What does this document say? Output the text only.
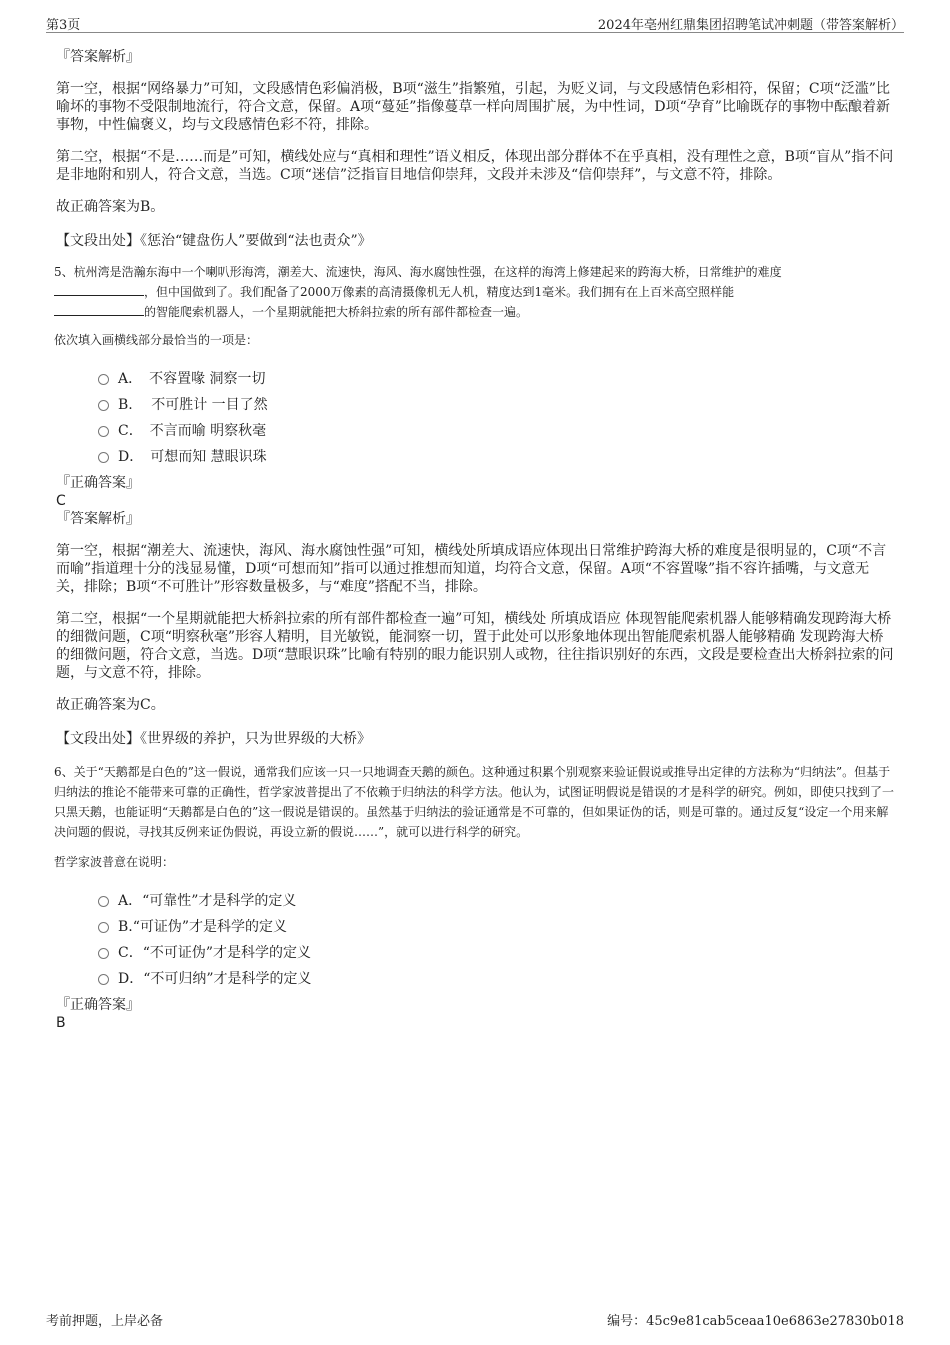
第3页	2024年亳州红鼎集团招聘笔试冲刺题（带答案解析）

『答案解析』

第一空，根据“网络暴力”可知，文段感情色彩偏消极，B项“滋生”指繁殖，引起，为贬义词，与文段感情色彩相符，保留；C项“泛滥”比喻坏的事物不受限制地流行，符合文意，保留。A项“蔓延”指像蔓草一样向周围扩展，为中性词，D项“孕育”比喻既存的事物中酝酿着新事物，中性偏褒义，均与文段感情色彩不符，排除。

第二空，根据“不是……而是”可知，横线处应与“真相和理性”语义相反，体现出部分群体不在乎真相，没有理性之意，B项“盲从”指不问是非地附和别人，符合文意，当选。C项“迷信”泛指盲目地信仰崇拜，文段并未涉及“信仰崇拜”，与文意不符，排除。

故正确答案为B。

【文段出处】《惩治“键盘伤人”要做到“法也责众”》

5、杭州湾是浩瀚东海中一个喇叭形海湾，潮差大、流速快，海风、海水腐蚀性强，在这样的海湾上修建起来的跨海大桥，日常维护的难度
，但中国做到了。我们配备了2000万像素的高清摄像机无人机，精度达到1毫米。我们拥有在上百米高空照样能
的智能爬索机器人，一个星期就能把大桥斜拉索的所有部件都检查一遍。

依次填入画横线部分最恰当的一项是：

A．　不容置喙 洞察一切
B.　 不可胜计 一目了然
C．　不言而喻 明察秋毫
D．　可想而知 慧眼识珠

『正确答案』

C

『答案解析』

第一空，根据“潮差大、流速快，海风、海水腐蚀性强”可知，横线处所填成语应体现出日常维护跨海大桥的难度是很明显的，C项“不言而喻”指道理十分的浅显易懂，D项“可想而知”指可以通过推想而知道，均符合文意，保留。A项“不容置喙”指不容许插嘴，与文意无关，排除；B项“不可胜计”形容数量极多，与“难度”搭配不当，排除。

第二空，根据“一个星期就能把大桥斜拉索的所有部件都检查一遍”可知，横线处 所填成语应 体现智能爬索机器人能够精确发现跨海大桥的细微问题，C项“明察秋毫”形容人精明，目光敏锐，能洞察一切，置于此处可以形象地体现出智能爬索机器人能够精确 发现跨海大桥的细微问题，符合文意，当选。D项“慧眼识珠”比喻有特别的眼力能识别人或物，往往指识别好的东西，文段是要检查出大桥斜拉索的问题，与文意不符，排除。

故正确答案为C。

【文段出处】《世界级的养护，只为世界级的大桥》

6、关于“天鹅都是白色的”这一假说，通常我们应该一只一只地调查天鹅的颜色。这种通过积累个别观察来验证假说或推导出定律的方法称为“归纳法”。但基于归纳法的推论不能带来可靠的正确性，哲学家波普提出了不依赖于归纳法的科学方法。他认为，试图证明假说是错误的才是科学的研究。例如，即使只找到了一只黑天鹅，也能证明“天鹅都是白色的”这一假说是错误的。虽然基于归纳法的验证通常是不可靠的，但如果证伪的话，则是可靠的。通过反复“设定一个用来解决问题的假说，寻找其反例来证伪假说，再设立新的假说……”，就可以进行科学的研究。

哲学家波普意在说明：

A．“可靠性”才是科学的定义
B.“可证伪”才是科学的定义
C．“不可证伪”才是科学的定义
D．“不可归纳”才是科学的定义

『正确答案』

B

考前押题，上岸必备	编号：45c9e81cab5ceaa10e6863e27830b018
